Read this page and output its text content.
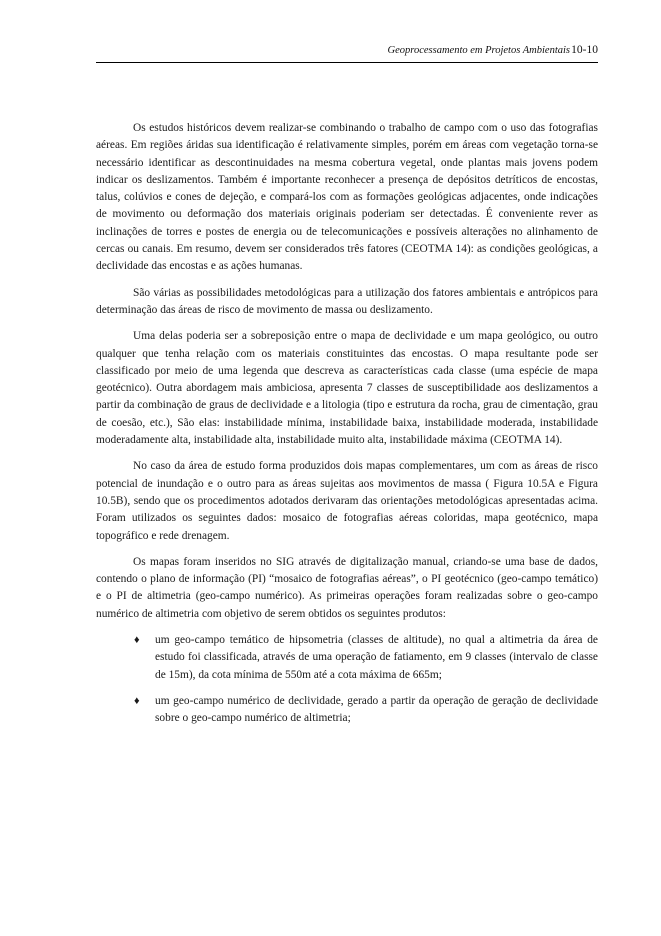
Geoprocessamento em Projetos Ambientais 10-10

Os estudos históricos devem realizar-se combinando o trabalho de campo com o uso das fotografias aéreas. Em regiões áridas sua identificação é relativamente simples, porém em áreas com vegetação torna-se necessário identificar as descontinuidades na mesma cobertura vegetal, onde plantas mais jovens podem indicar os deslizamentos. Também é importante reconhecer a presença de depósitos detríticos de encostas, talus, colúvios e cones de dejeção, e compará-los com as formações geológicas adjacentes, onde indicações de movimento ou deformação dos materiais originais poderiam ser detectadas. É conveniente rever as inclinações de torres e postes de energia ou de telecomunicações e possíveis alterações no alinhamento de cercas ou canais. Em resumo, devem ser considerados três fatores (CEOTMA 14): as condições geológicas, a declividade das encostas e as ações humanas.

São várias as possibilidades metodológicas para a utilização dos fatores ambientais e antrópicos para determinação das áreas de risco de movimento de massa ou deslizamento.

Uma delas poderia ser a sobreposição entre o mapa de declividade e um mapa geológico, ou outro qualquer que tenha relação com os materiais constituintes das encostas. O mapa resultante pode ser classificado por meio de uma legenda que descreva as características cada classe (uma espécie de mapa geotécnico). Outra abordagem mais ambiciosa, apresenta 7 classes de susceptibilidade aos deslizamentos a partir da combinação de graus de declividade e a litologia (tipo e estrutura da rocha, grau de cimentação, grau de coesão, etc.), São elas: instabilidade mínima, instabilidade baixa, instabilidade moderada, instabilidade moderadamente alta, instabilidade alta, instabilidade muito alta, instabilidade máxima (CEOTMA 14).

No caso da área de estudo forma produzidos dois mapas complementares, um com as áreas de risco potencial de inundação e o outro para as áreas sujeitas aos movimentos de massa ( Figura 10.5A e Figura 10.5B), sendo que os procedimentos adotados derivaram das orientações metodológicas apresentadas acima. Foram utilizados os seguintes dados: mosaico de fotografias aéreas coloridas, mapa geotécnico, mapa topográfico e rede drenagem.

Os mapas foram inseridos no SIG através de digitalização manual, criando-se uma base de dados, contendo o plano de informação (PI) “mosaico de fotografias aéreas”, o PI geotécnico (geo-campo temático) e o PI de altimetria (geo-campo numérico). As primeiras operações foram realizadas sobre o geo-campo numérico de altimetria com objetivo de serem obtidos os seguintes produtos:

♦ um geo-campo temático de hipsometria (classes de altitude), no qual a altimetria da área de estudo foi classificada, através de uma operação de fatiamento, em 9 classes (intervalo de classe de 15m), da cota mínima de 550m até a cota máxima de 665m;
♦ um geo-campo numérico de declividade, gerado a partir da operação de geração de declividade sobre o geo-campo numérico de altimetria;
